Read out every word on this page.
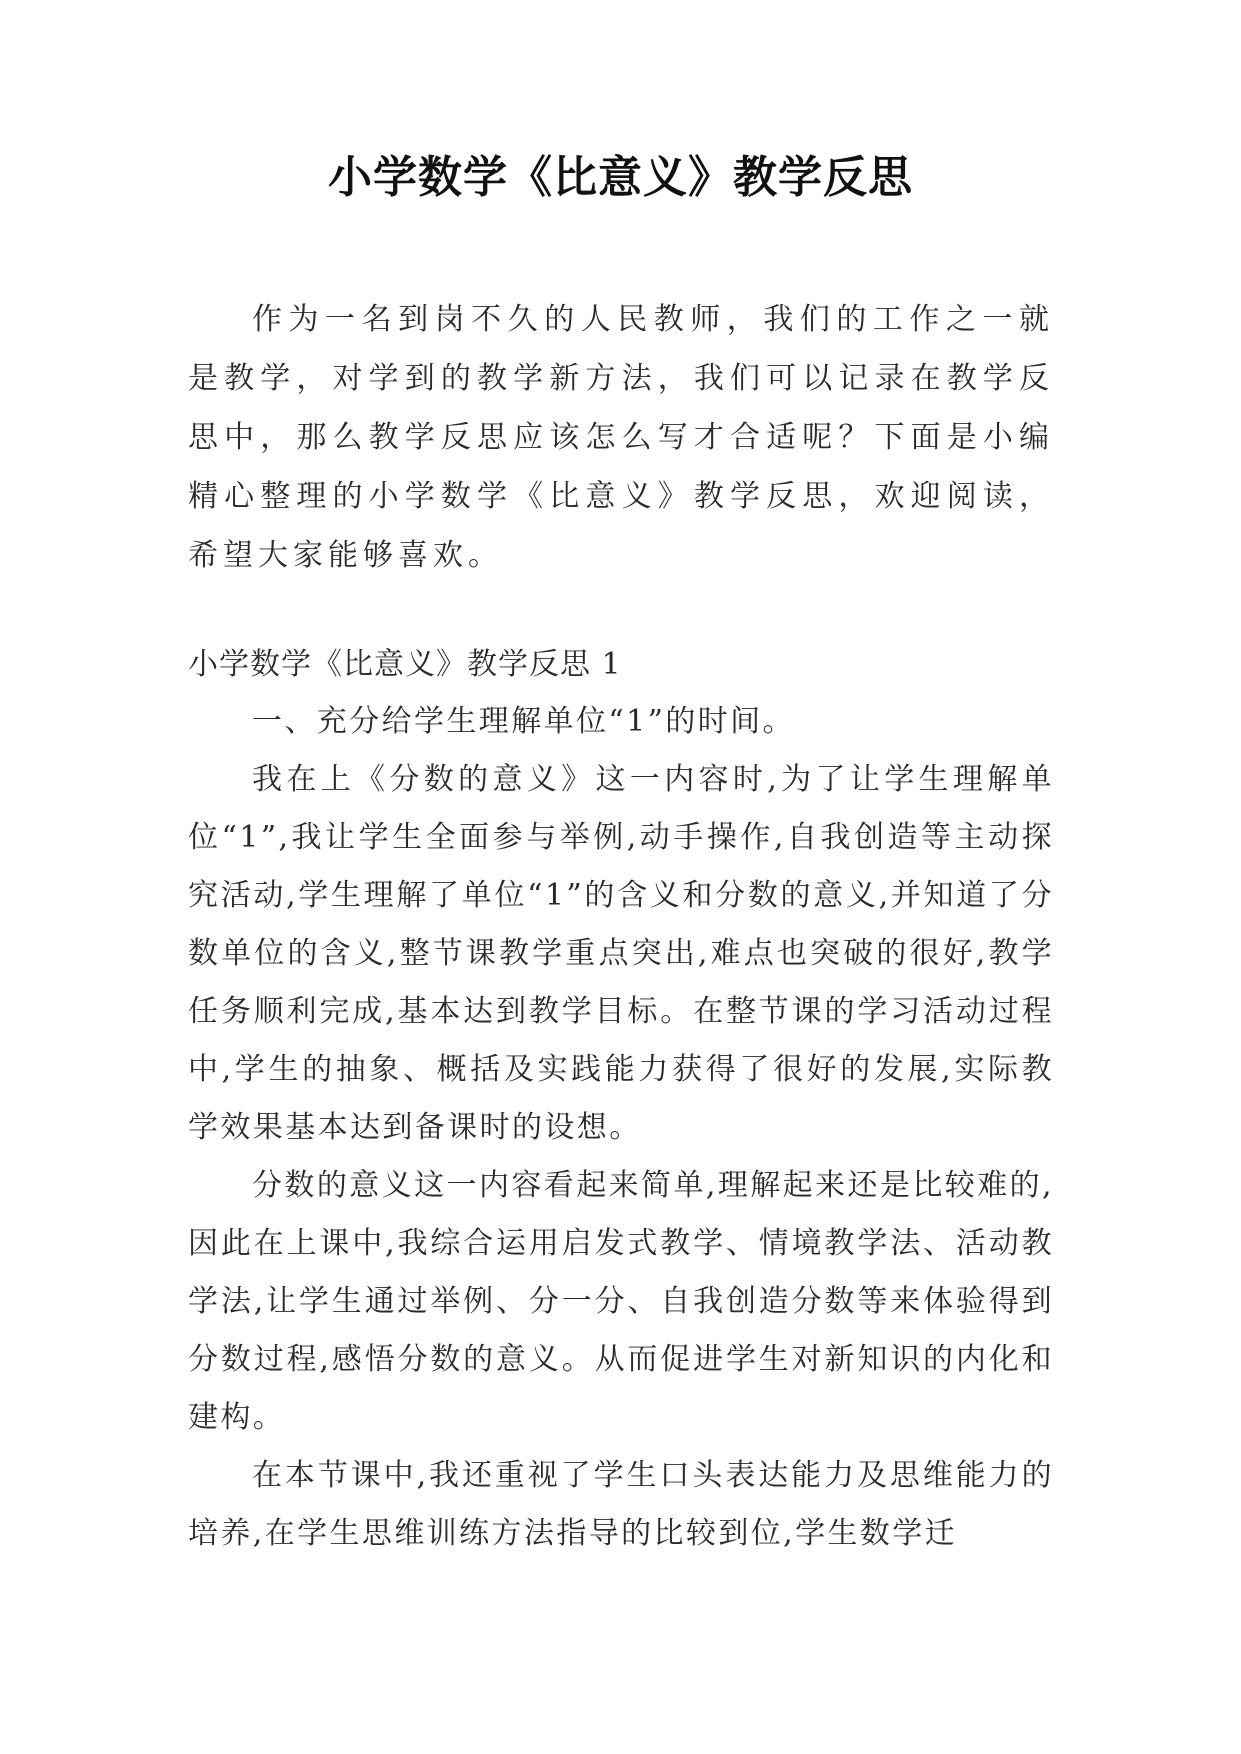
小学数学《比意义》教学反思
作为一名到岗不久的人民教师，我们的工作之一就是教学，对学到的教学新方法，我们可以记录在教学反思中，那么教学反思应该怎么写才合适呢？下面是小编精心整理的小学数学《比意义》教学反思，欢迎阅读，希望大家能够喜欢。
小学数学《比意义》教学反思 1

一、充分给学生理解单位“1”的时间。

我在上《分数的意义》这一内容时,为了让学生理解单位“1”,我让学生全面参与举例,动手操作,自我创造等主动探究活动,学生理解了单位“1”的含义和分数的意义,并知道了分数单位的含义,整节课教学重点突出,难点也突破的很好,教学任务顺利完成,基本达到教学目标。在整节课的学习活动过程中,学生的抽象、概括及实践能力获得了很好的发展,实际教学效果基本达到备课时的设想。

分数的意义这一内容看起来简单,理解起来还是比较难的,因此在上课中,我综合运用启发式教学、情境教学法、活动教学法,让学生通过举例、分一分、自我创造分数等来体验得到分数过程,感悟分数的意义。从而促进学生对新知识的内化和建构。

在本节课中,我还重视了学生口头表达能力及思维能力的培养,在学生思维训练方法指导的比较到位,学生数学迁
